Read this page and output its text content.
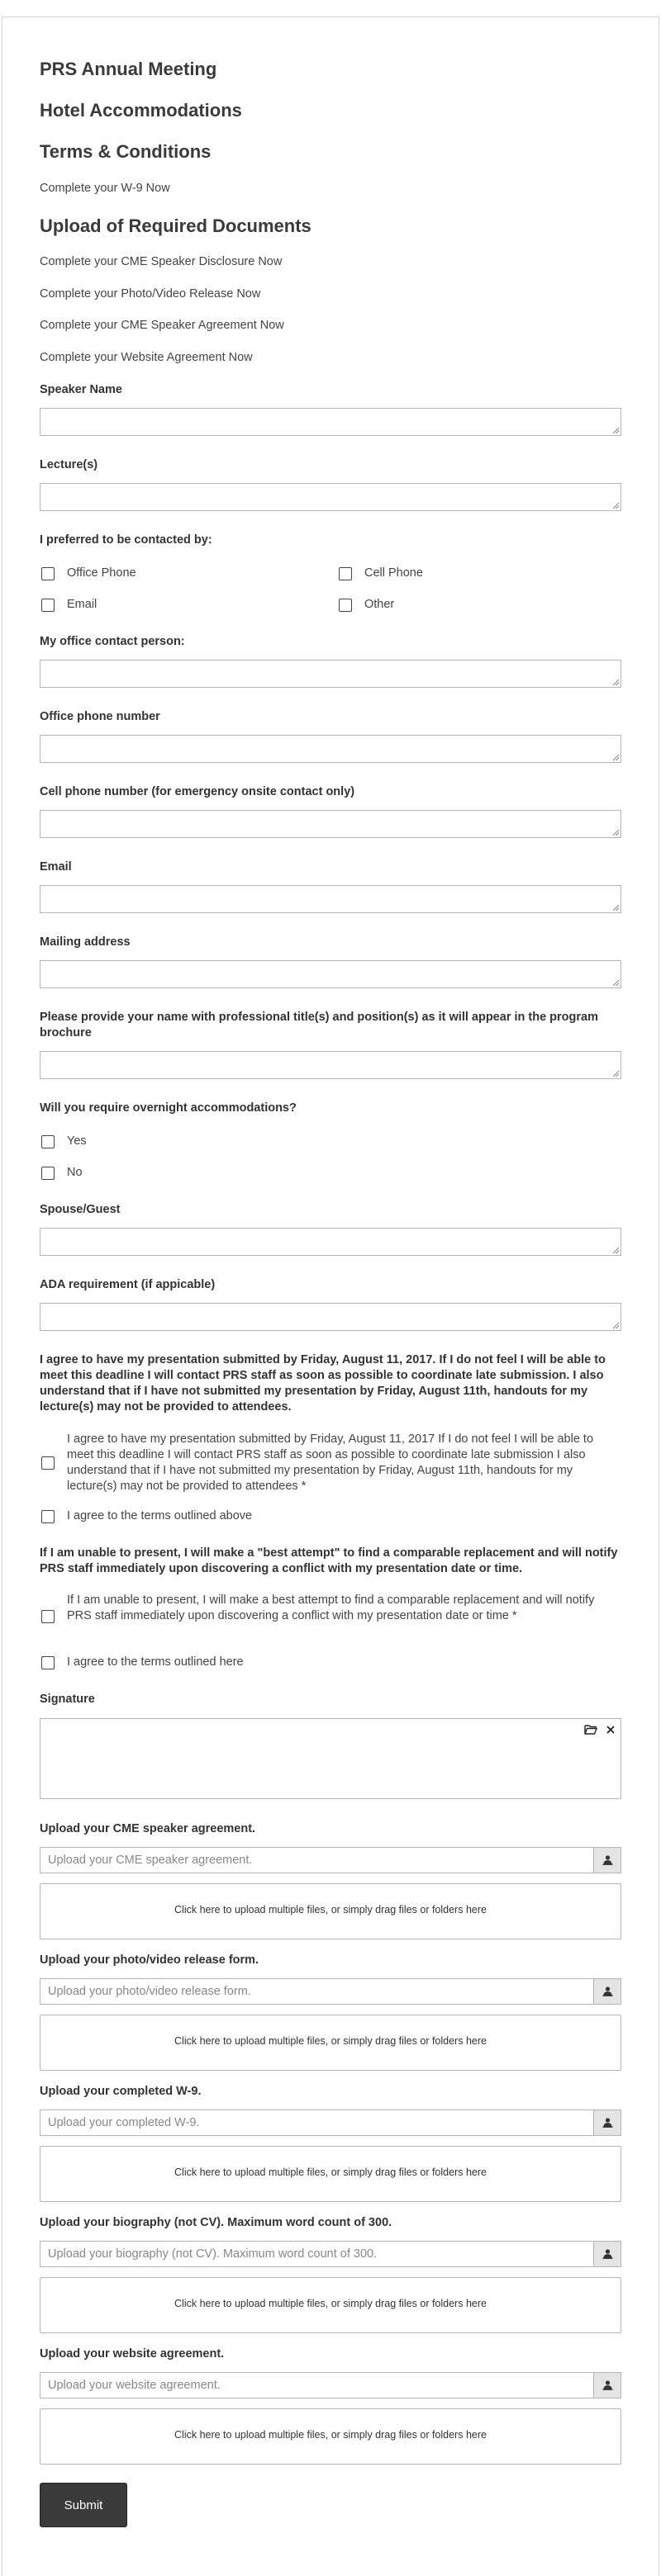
PRS Annual Meeting
Hotel Accommodations
Terms & Conditions
Complete your W-9 Now
Upload of Required Documents
Complete your CME Speaker Disclosure Now
Complete your Photo/Video Release Now
Complete your CME Speaker Agreement Now
Complete your Website Agreement Now
Speaker Name
Lecture(s)
I preferred to be contacted by:
Office Phone	Cell Phone
Email	Other
My office contact person:
Office phone number
Cell phone number (for emergency onsite contact only)
Email
Mailing address
Please provide your name with professional title(s) and position(s) as it will appear in the program brochure
Will you require overnight accommodations?
Yes
No
Spouse/Guest
ADA requirement (if appicable)
I agree to have my presentation submitted by Friday, August 11, 2017. If I do not feel I will be able to meet this deadline I will contact PRS staff as soon as possible to coordinate late submission. I also understand that if I have not submitted my presentation by Friday, August 11th, handouts for my lecture(s) may not be provided to attendees.
I agree to have my presentation submitted by Friday, August 11, 2017 If I do not feel I will be able to meet this deadline I will contact PRS staff as soon as possible to coordinate late submission I also understand that if I have not submitted my presentation by Friday, August 11th, handouts for my lecture(s) may not be provided to attendees *
I agree to the terms outlined above
If I am unable to present, I will make a "best attempt" to find a comparable replacement and will notify PRS staff immediately upon discovering a conflict with my presentation date or time.
If I am unable to present, I will make a best attempt to find a comparable replacement and will notify PRS staff immediately upon discovering a conflict with my presentation date or time *
I agree to the terms outlined here
Signature
Upload your CME speaker agreement.
Upload your CME speaker agreement.
Click here to upload multiple files, or simply drag files or folders here
Upload your photo/video release form.
Upload your photo/video release form.
Click here to upload multiple files, or simply drag files or folders here
Upload your completed W-9.
Upload your completed W-9.
Click here to upload multiple files, or simply drag files or folders here
Upload your biography (not CV). Maximum word count of 300.
Upload your biography (not CV). Maximum word count of 300.
Click here to upload multiple files, or simply drag files or folders here
Upload your website agreement.
Upload your website agreement.
Click here to upload multiple files, or simply drag files or folders here
Submit
